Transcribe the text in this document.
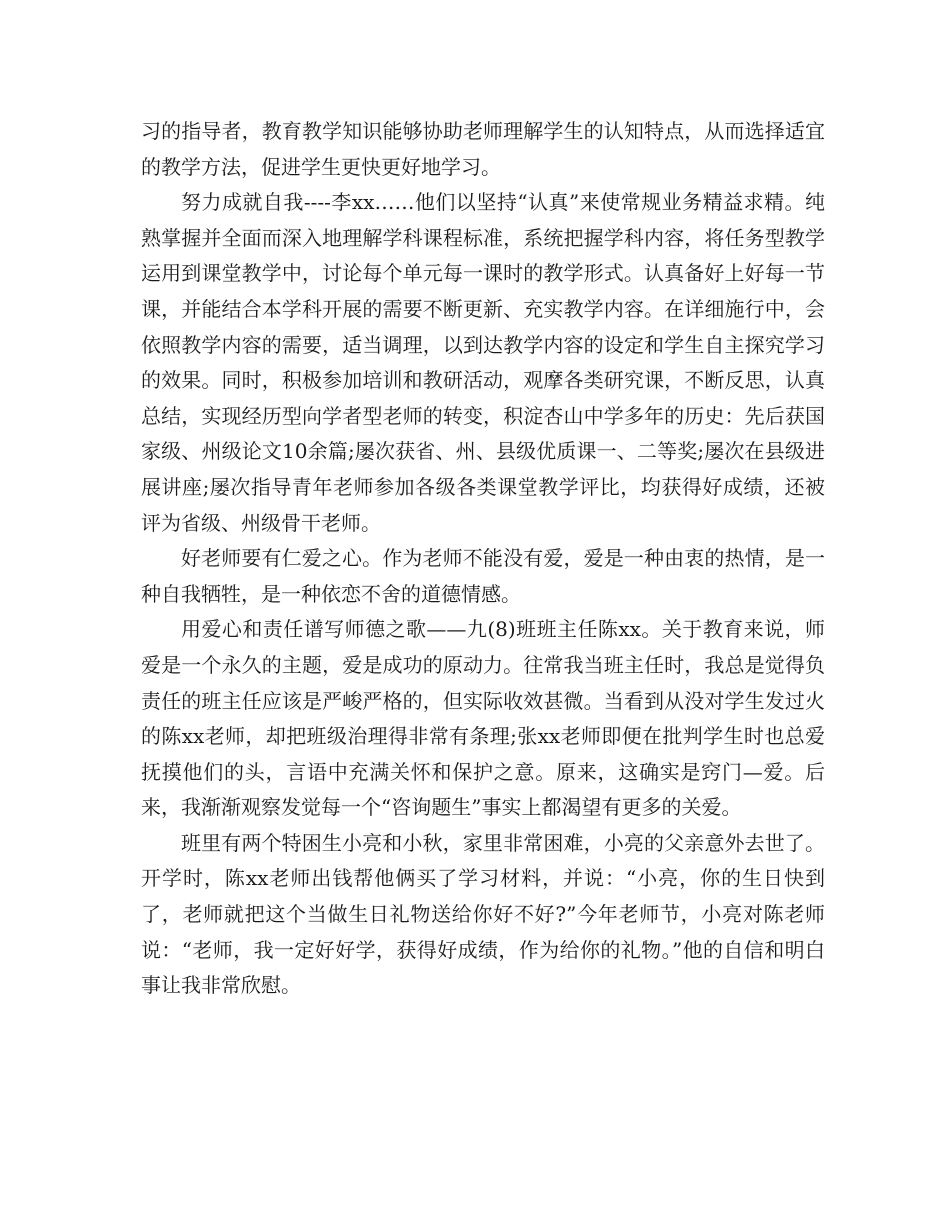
习的指导者，教育教学知识能够协助老师理解学生的认知特点，从而选择适宜的教学方法，促进学生更快更好地学习。

努力成就自我----李xx……他们以坚持“认真”来使常规业务精益求精。纯熟掌握并全面而深入地理解学科课程标准，系统把握学科内容，将任务型教学运用到课堂教学中，讨论每个单元每一课时的教学形式。认真备好上好每一节课，并能结合本学科开展的需要不断更新、充实教学内容。在详细施行中，会依照教学内容的需要，适当调理，以到达教学内容的设定和学生自主探究学习的效果。同时，积极参加培训和教研活动，观摩各类研究课，不断反思，认真总结，实现经历型向学者型老师的转变，积淀杏山中学多年的历史：先后获国家级、州级论文10余篇;屡次获省、州、县级优质课一、二等奖;屡次在县级进展讲座;屡次指导青年老师参加各级各类课堂教学评比，均获得好成绩，还被评为省级、州级骨干老师。

好老师要有仁爱之心。作为老师不能没有爱，爱是一种由衷的热情，是一种自我牺牲，是一种依恋不舍的道德情感。

用爱心和责任谱写师德之歌——九(8)班班主任陈xx。关于教育来说，师爱是一个永久的主题，爱是成功的原动力。往常我当班主任时，我总是觉得负责任的班主任应该是严峻严格的，但实际收效甚微。当看到从没对学生发过火的陈xx老师，却把班级治理得非常有条理;张xx老师即便在批判学生时也总爱抚摸他们的头，言语中充满关怀和保护之意。原来，这确实是窍门—爱。后来，我渐渐观察发觉每一个“咨询题生”事实上都渴望有更多的关爱。

班里有两个特困生小亮和小秋，家里非常困难，小亮的父亲意外去世了。开学时，陈xx老师出钱帮他俩买了学习材料，并说：“小亮，你的生日快到了，老师就把这个当做生日礼物送给你好不好?”今年老师节，小亮对陈老师说：“老师，我一定好好学，获得好成绩，作为给你的礼物。”他的自信和明白事让我非常欣慰。
